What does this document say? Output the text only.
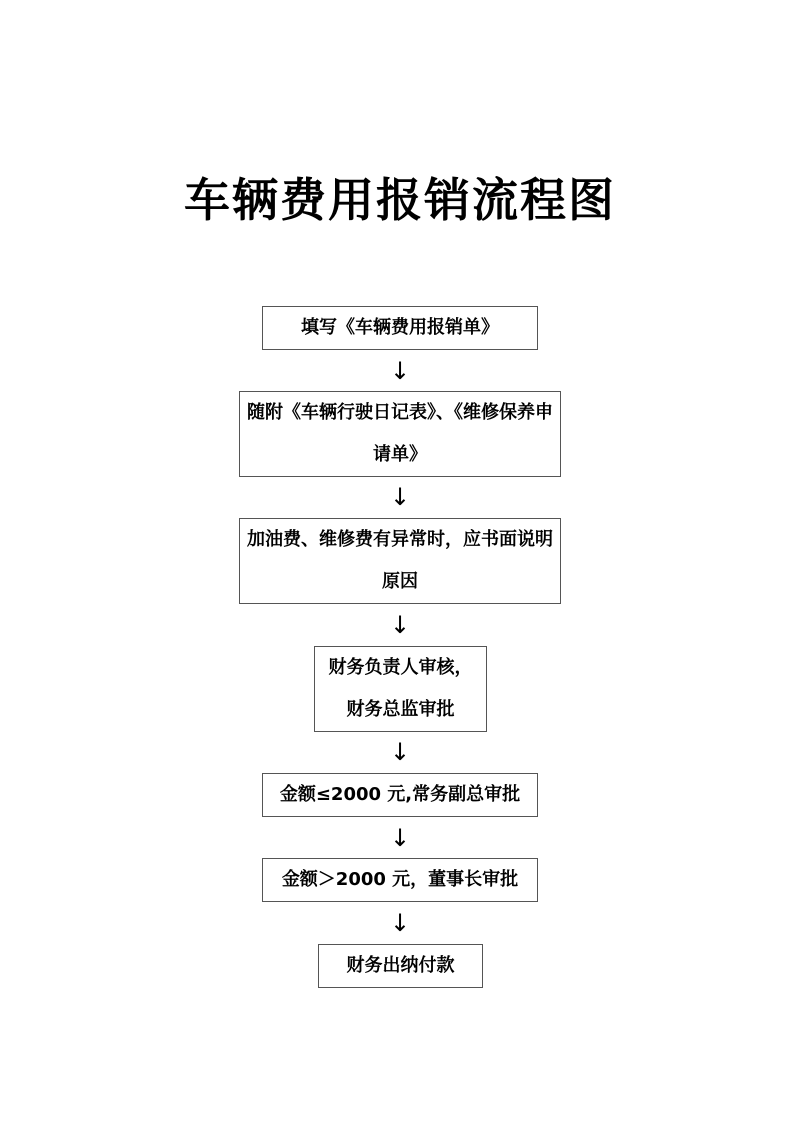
车辆费用报销流程图
填写《车辆费用报销单》
↓
随附《车辆行驶日记表》、《维修保养申请单》
↓
加油费、维修费有异常时，应书面说明原因
↓
财务负责人审核，财务总监审批
↓
金额≤2000 元,常务副总审批
↓
金额＞2000 元，董事长审批
↓
财务出纳付款
